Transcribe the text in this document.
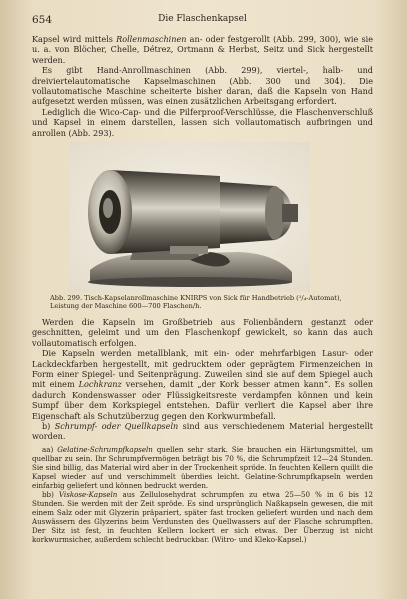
654	Die Flaschenkapsel

Kapsel wird mittels Rollenmaschinen an- oder festgerollt (Abb. 299, 300), wie sie u. a. von Blöcher, Chelle, Détrez, Ortmann & Herbst, Seitz und Sick hergestellt werden.

Es gibt Hand-Anrollmaschinen (Abb. 299), viertel-, halb- und dreiviertelautomatische Kapselmaschinen (Abb. 300 und 304). Die vollautomatische Maschine scheiterte bisher daran, daß die Kapseln von Hand aufgesetzt werden müssen, was einen zusätzlichen Arbeitsgang erfordert.

Lediglich die Wico-Cap- und die Pilferproof-Verschlüsse, die Flaschenverschluß und Kapsel in einem darstellen, lassen sich vollautomatisch aufbringen und anrollen (Abb. 293).

Abb. 299. Tisch-Kapselanrollmaschine KNIRPS von Sick für Handbetrieb (¹/₄-Automat), Leistung der Maschine 600—700 Flaschen/h.

Werden die Kapseln im Großbetrieb aus Folienbändern gestanzt oder geschnitten, geleimt und um den Flaschenkopf gewickelt, so kann das auch vollautomatisch erfolgen.

Die Kapseln werden metallblank, mit ein- oder mehrfarbigen Lasur- oder Lackdeckfarben hergestellt, mit gedrucktem oder geprägtem Firmenzeichen in Form einer Spiegel- und Seitenprägung. Zuweilen sind sie auf dem Spiegel auch mit einem Lochkranz versehen, damit „der Kork besser atmen kann“. Es sollen dadurch Kondenswasser oder Flüssigkeitsreste verdampfen können und kein Sumpf über dem Korkspiegel entstehen. Dafür verliert die Kapsel aber ihre Eigenschaft als Schutzüberzug gegen den Korkwurmbefall.

b) Schrumpf- oder Quellkapseln sind aus verschiedenem Material hergestellt worden.

aa) Gelatine-Schrumpfkapseln quellen sehr stark. Sie brauchen ein Härtungsmittel, um quellbar zu sein. Ihr Schrumpfvermögen beträgt bis 70 %, die Schrumpfzeit 12—24 Stunden. Sie sind billig, das Material wird aber in der Trockenheit spröde. In feuchten Kellern quillt die Kapsel wieder auf und verschimmelt überdies leicht. Gelatine-Schrumpfkapseln werden einfarbig geliefert und können bedruckt werden.

bb) Viskose-Kapseln aus Zellulosehydrat schrumpfen zu etwa 25—50 % in 6 bis 12 Stunden. Sie werden mit der Zeit spröde. Es sind ursprünglich Naßkapseln gewesen, die mit einem Salz oder mit Glyzerin präpariert, später fast trocken geliefert wurden und nach dem Auswässern des Glyzerins beim Verdunsten des Quellwassers auf der Flasche schrumpften. Der Sitz ist fest, in feuchten Kellern lockert er sich etwas. Der Überzug ist nicht korkwurmsicher, außerdem schlecht bedruckbar. (Witro- und Kleko-Kapsel.)
